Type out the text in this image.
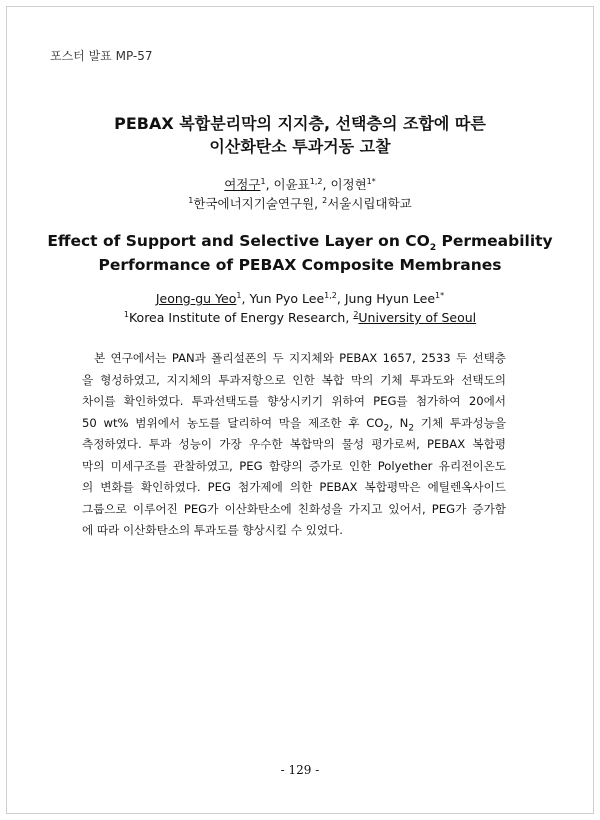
포스터 발표 MP-57
PEBAX 복합분리막의 지지층, 선택층의 조합에 따른
이산화탄소 투과거동 고찰
여정구$^1$, 이윤표$^{1,2}$, 이정현$^{1*}$
$^1$한국에너지기술연구원, $^2$서울시립대학교
Effect of Support and Selective Layer on $CO_2$ Permeability
Performance of PEBAX Composite Membranes
Jeong-gu Yeo$^1$, Yun Pyo Lee$^{1,2}$, Jung Hyun Lee$^{1*}$
$^1$Korea Institute of Energy Research, $^2$University of Seoul

본 연구에서는 PAN과 폴리설폰의 두 지지체와 PEBAX 1657, 2533 두 선택층
을 형성하였고, 지지체의 투과저항으로 인한 복합 막의 기체 투과도와 선택도의
차이를 확인하였다. 투과선택도를 향상시키기 위하여 PEG를 첨가하여 20에서
50 wt% 범위에서 농도를 달리하여 막을 제조한 후 $CO_2$, $N_2$ 기체 투과성능을
측정하였다. 투과 성능이 가장 우수한 복합막의 물성 평가로써, PEBAX 복합평
막의 미세구조를 관찰하였고, PEG 함량의 증가로 인한 Polyether 유리전이온도
의 변화를 확인하였다. PEG 첨가제에 의한 PEBAX 복합평막은 에틸렌옥사이드
그룹으로 이루어진 PEG가 이산화탄소에 친화성을 가지고 있어서, PEG가 증가함
에 따라 이산화탄소의 투과도를 향상시킬 수 있었다.

- 129 -
